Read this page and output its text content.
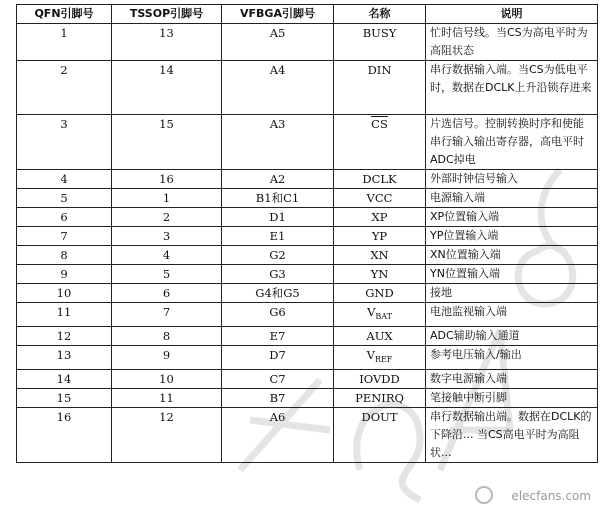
QFN引脚号	TSSOP引脚号	VFBGA引脚号	名称	说明
1	13	A5	BUSY	忙时信号线。当CS为高电平时为高阻状态
2	14	A4	DIN	串行数据输入端。当CS为低电平时，数据在DCLK上升沿锁存进来
3	15	A3	$\overline{CS}$	片选信号。控制转换时序和使能串行输入输出寄存器，高电平时ADC掉电
4	16	A2	DCLK	外部时钟信号输入
5	1	B1和C1	VCC	电源输入端
6	2	D1	XP	XP位置输入端
7	3	E1	YP	YP位置输入端
8	4	G2	XN	XN位置输入端
9	5	G3	YN	YN位置输入端
10	6	G4和G5	GND	接地
11	7	G6	$V_{BAT}$	电池监视输入端
12	8	E7	AUX	ADC辅助输入通道
13	9	D7	$V_{REF}$	参考电压输入/输出
14	10	C7	IOVDD	数字电源输入端
15	11	B7	PENIRQ	笔接触中断引脚
16	12	A6	DOUT	串行数据输出端。数据在DCLK的下降沿... 当CS高电平时为高阻状...
elecfans.com
